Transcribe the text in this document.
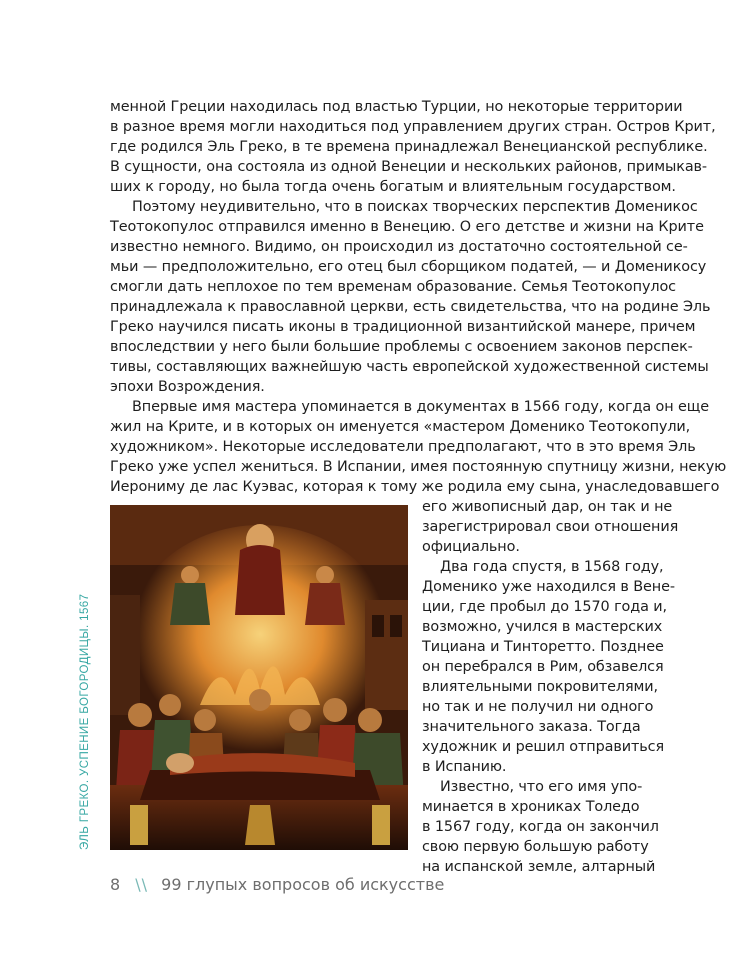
менной Греции находилась под властью Турции, но некоторые территории
в разное время могли находиться под управлением других стран. Остров Крит,
где родился Эль Греко, в те времена принадлежал Венецианской республике.
В сущности, она состояла из одной Венеции и нескольких районов, примыкав-
ших к городу, но была тогда очень богатым и влиятельным государством.
Поэтому неудивительно, что в поисках творческих перспектив Доменикос
Теотокопулос отправился именно в Венецию. О его детстве и жизни на Крите
известно немного. Видимо, он происходил из достаточно состоятельной се-
мьи — предположительно, его отец был сборщиком податей, — и Доменикосу
смогли дать неплохое по тем временам образование. Семья Теотокопулос
принадлежала к православной церкви, есть свидетельства, что на родине Эль
Греко научился писать иконы в традиционной византийской манере, причем
впоследствии у него были большие проблемы с освоением законов перспек-
тивы, составляющих важнейшую часть европейской художественной системы
эпохи Возрождения.
Впервые имя мастера упоминается в документах в 1566 году, когда он еще
жил на Крите, и в которых он именуется «мастером Доменико Теотокопули,
художником». Некоторые исследователи предполагают, что в это время Эль
Греко уже успел жениться. В Испании, имея постоянную спутницу жизни, некую
Иерониму де лас Куэвас, которая к тому же родила ему сына, унаследовавшего
его живописный дар, он так и не
зарегистрировал свои отношения
официально.
Два года спустя, в 1568 году,
Доменико уже находился в Вене-
ции, где пробыл до 1570 года и,
возможно, учился в мастерских
Тициана и Тинторетто. Позднее
он перебрался в Рим, обзавелся
влиятельными покровителями,
но так и не получил ни одного
значительного заказа. Тогда
художник и решил отправиться
в Испанию.
Известно, что его имя упо-
минается в хрониках Толедо
в 1567 году, когда он закончил
свою первую большую работу
на испанской земле, алтарный
ЭЛЬ ГРЕКО. УСПЕНИЕ БОГОРОДИЦЫ. 1567
8 \\ 99 глупых вопросов об искусстве
